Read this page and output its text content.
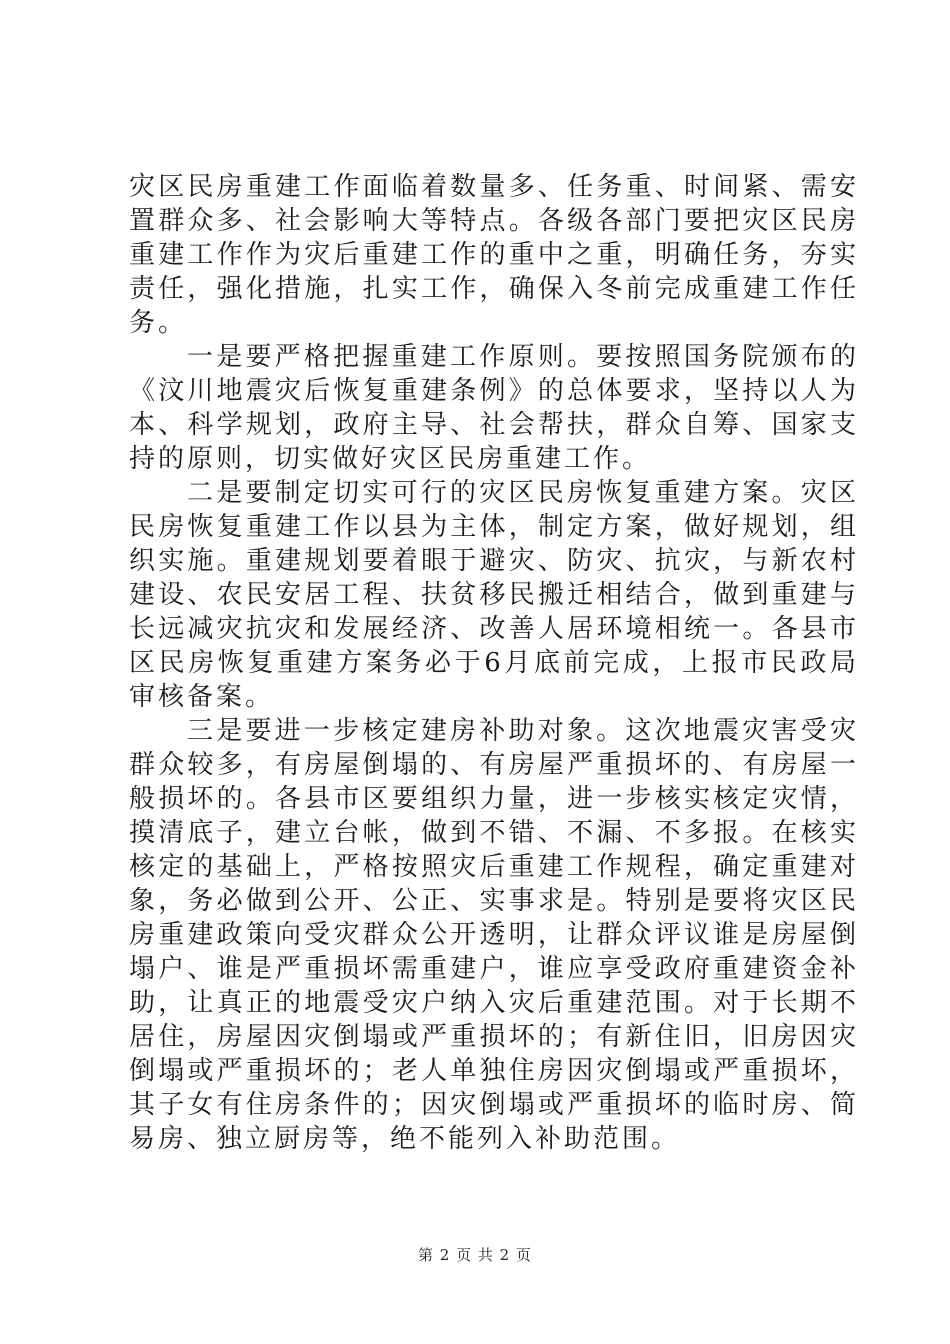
灾区民房重建工作面临着数量多、任务重、时间紧、需安置群众多、社会影响大等特点。各级各部门要把灾区民房重建工作作为灾后重建工作的重中之重，明确任务，夯实责任，强化措施，扎实工作，确保入冬前完成重建工作任务。

一是要严格把握重建工作原则。要按照国务院颁布的《汶川地震灾后恢复重建条例》的总体要求，坚持以人为本、科学规划，政府主导、社会帮扶，群众自筹、国家支持的原则，切实做好灾区民房重建工作。

二是要制定切实可行的灾区民房恢复重建方案。灾区民房恢复重建工作以县为主体，制定方案，做好规划，组织实施。重建规划要着眼于避灾、防灾、抗灾，与新农村建设、农民安居工程、扶贫移民搬迁相结合，做到重建与长远减灾抗灾和发展经济、改善人居环境相统一。各县市区民房恢复重建方案务必于6月底前完成，上报市民政局审核备案。

三是要进一步核定建房补助对象。这次地震灾害受灾群众较多，有房屋倒塌的、有房屋严重损坏的、有房屋一般损坏的。各县市区要组织力量，进一步核实核定灾情，摸清底子，建立台帐，做到不错、不漏、不多报。在核实核定的基础上，严格按照灾后重建工作规程，确定重建对象，务必做到公开、公正、实事求是。特别是要将灾区民房重建政策向受灾群众公开透明，让群众评议谁是房屋倒塌户、谁是严重损坏需重建户，谁应享受政府重建资金补助，让真正的地震受灾户纳入灾后重建范围。对于长期不居住，房屋因灾倒塌或严重损坏的；有新住旧，旧房因灾倒塌或严重损坏的；老人单独住房因灾倒塌或严重损坏，其子女有住房条件的；因灾倒塌或严重损坏的临时房、简易房、独立厨房等，绝不能列入补助范围。

第 2 页 共 2 页
